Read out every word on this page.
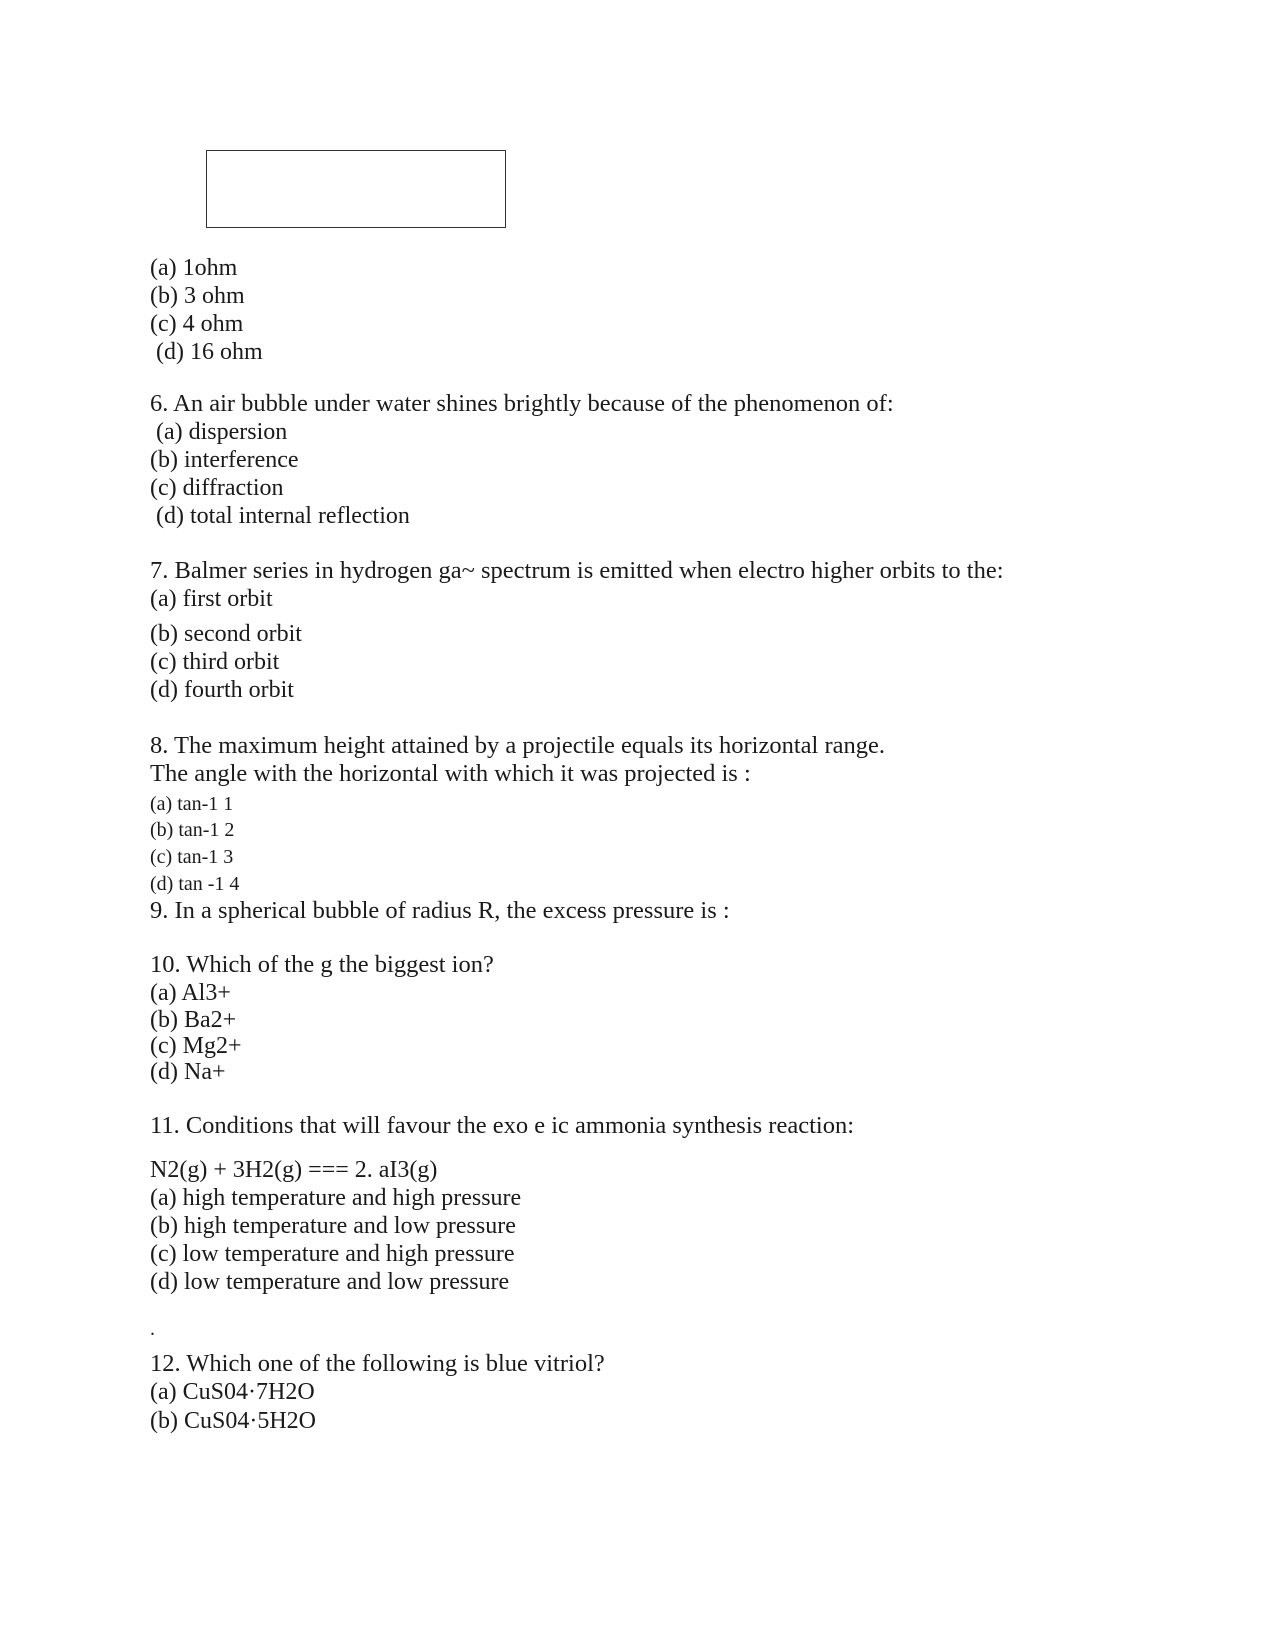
(a) 1ohm
(b) 3 ohm
(c) 4 ohm
(d) 16 ohm
6. An air bubble under water shines brightly because of the phenomenon of:
(a) dispersion
(b) interference
(c) diffraction
(d) total internal reflection
7. Balmer series in hydrogen ga~ spectrum is emitted when electro higher orbits to the:
(a) first orbit
(b) second orbit
(c) third orbit
(d) fourth orbit
8. The maximum height attained by a projectile equals its horizontal range.
The angle with the horizontal with which it was projected is :
(a) tan-1 1
(b) tan-1 2
(c) tan-1 3
(d) tan -1 4
9. In a spherical bubble of radius R, the excess pressure is :
10. Which of the g the biggest ion?
(a) Al3+
(b) Ba2+
(c) Mg2+
(d) Na+
11. Conditions that will favour the exo e ic ammonia synthesis reaction:
N2(g) + 3H2(g) === 2. aI3(g)
(a) high temperature and high pressure
(b) high temperature and low pressure
(c) low temperature and high pressure
(d) low temperature and low pressure
.
12. Which one of the following is blue vitriol?
(a) CuS04·7H2O
(b) CuS04·5H2O
